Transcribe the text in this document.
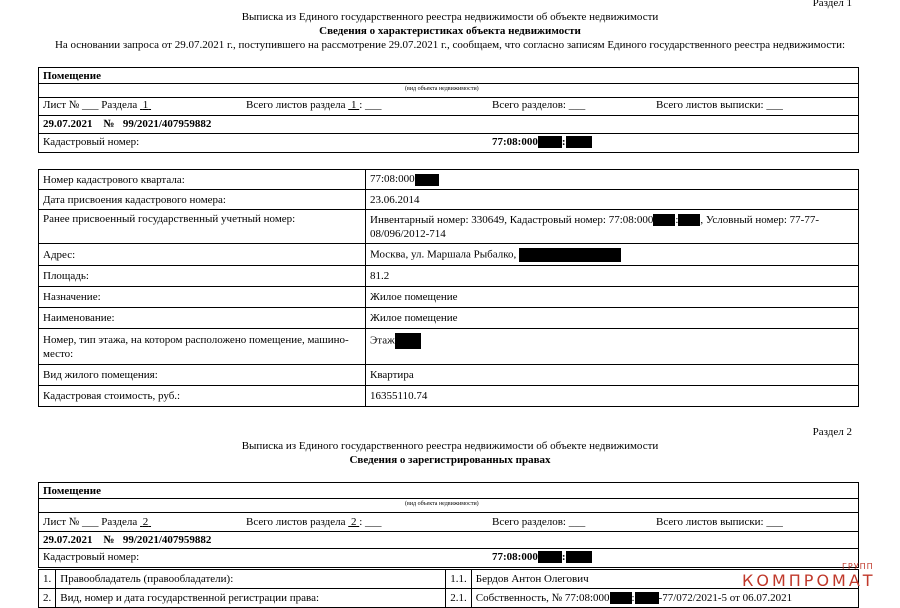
Раздел 1
Выписка из Единого государственного реестра недвижимости об объекте недвижимости
Сведения о характеристиках объекта недвижимости
На основании запроса от 29.07.2021 г., поступившего на рассмотрение 29.07.2021 г., сообщаем, что согласно записям Единого государственного реестра недвижимости:
Помещение
(вид объекта недвижимости)
Лист № ___ Раздела 1	Всего листов раздела 1 : ___	Всего разделов: ___	Всего листов выписки: ___
29.07.2021 № 99/2021/407959882
Кадастровый номер:	77:08:000 :
Номер кадастрового квартала:	77:08:000
Дата присвоения кадастрового номера:	23.06.2014
Ранее присвоенный государственный учетный номер:	Инвентарный номер: 330649, Кадастровый номер: 77:08:000 : , Условный номер: 77-77-
08/096/2012-714
Адрес:	Москва, ул. Маршала Рыбалко,
Площадь:	81.2
Назначение:	Жилое помещение
Наименование:	Жилое помещение
Номер, тип этажа, на котором расположено помещение, машино-
место:	Этаж
Вид жилого помещения:	Квартира
Кадастровая стоимость, руб.:	16355110.74
Раздел 2
Выписка из Единого государственного реестра недвижимости об объекте недвижимости
Сведения о зарегистрированных правах
Помещение
(вид объекта недвижимости)
Лист № ___ Раздела 2	Всего листов раздела 2 : ___	Всего разделов: ___	Всего листов выписки: ___
29.07.2021 № 99/2021/407959882
Кадастровый номер:	77:08:000 :
1.	Правообладатель (правообладатели):	1.1.	Бердов Антон Олегович
2.	Вид, номер и дата государственной регистрации права:	2.1.	Собственность, № 77:08:000 : -77/072/2021-5 от 06.07.2021
ГРУПП
КОМПРОМАТ
